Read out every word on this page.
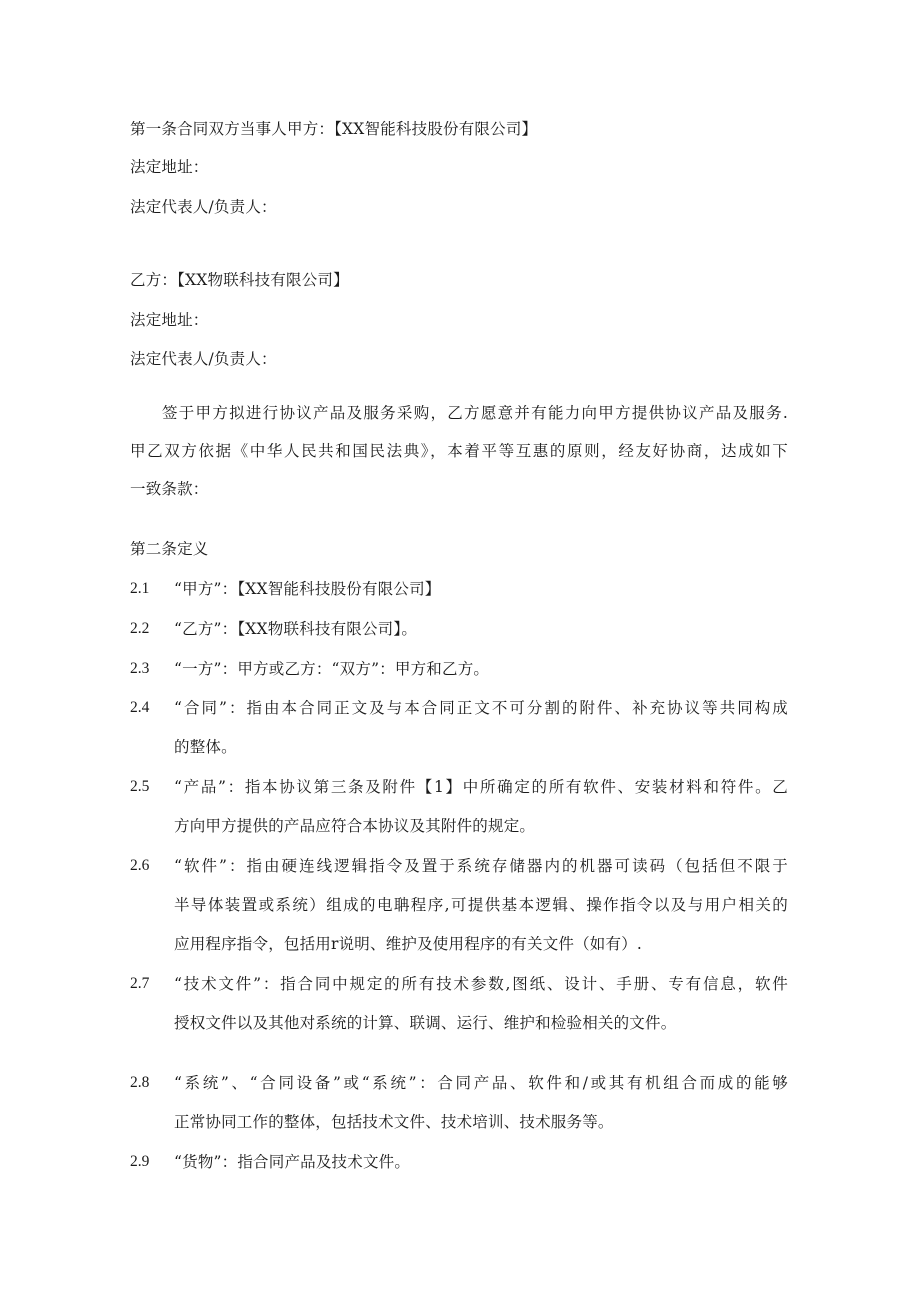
第一条合同双方当事人甲方：【XX智能科技股份有限公司】
法定地址：
法定代表人/负责人：
乙方：【XX物联科技有限公司】
法定地址：
法定代表人/负责人：
签于甲方拟进行协议产品及服务采购，乙方愿意并有能力向甲方提供协议产品及服务.
甲乙双方依据《中华人民共和国民法典》，本着平等互惠的原则，经友好协商，达成如下
一致条款：
第二条定义
2.1 “甲方”：【XX智能科技股份有限公司】
2.2 “乙方”：【XX物联科技有限公司】。
2.3 “一方”：甲方或乙方：“双方”：甲方和乙方。
2.4 “合同”：指由本合同正文及与本合同正文不可分割的附件、补充协议等共同构成
的整体。
2.5 “产品”：指本协议第三条及附件【1】中所确定的所有软件、安装材料和符件。乙
方向甲方提供的产品应符合本协议及其附件的规定。
2.6 “软件”：指由硬连线逻辑指令及置于系统存储器内的机器可读码（包括但不限于
半导体装置或系统）组成的电聃程序,可提供基本逻辑、操作指令以及与用户相关的
应用程序指令，包括用r说明、维护及使用程序的有关文件（如有）.
2.7 “技术文件”：指合同中规定的所有技术参数,图纸、设计、手册、专有信息，软件
授权文件以及其他对系统的计算、联调、运行、维护和检验相关的文件。
2.8 “系统”、“合同设备”或“系统”：合同产品、软件和/或其有机组合而成的能够
正常协同工作的整体，包括技术文件、技术培训、技术服务等。
2.9 “货物”：指合同产品及技术文件。
